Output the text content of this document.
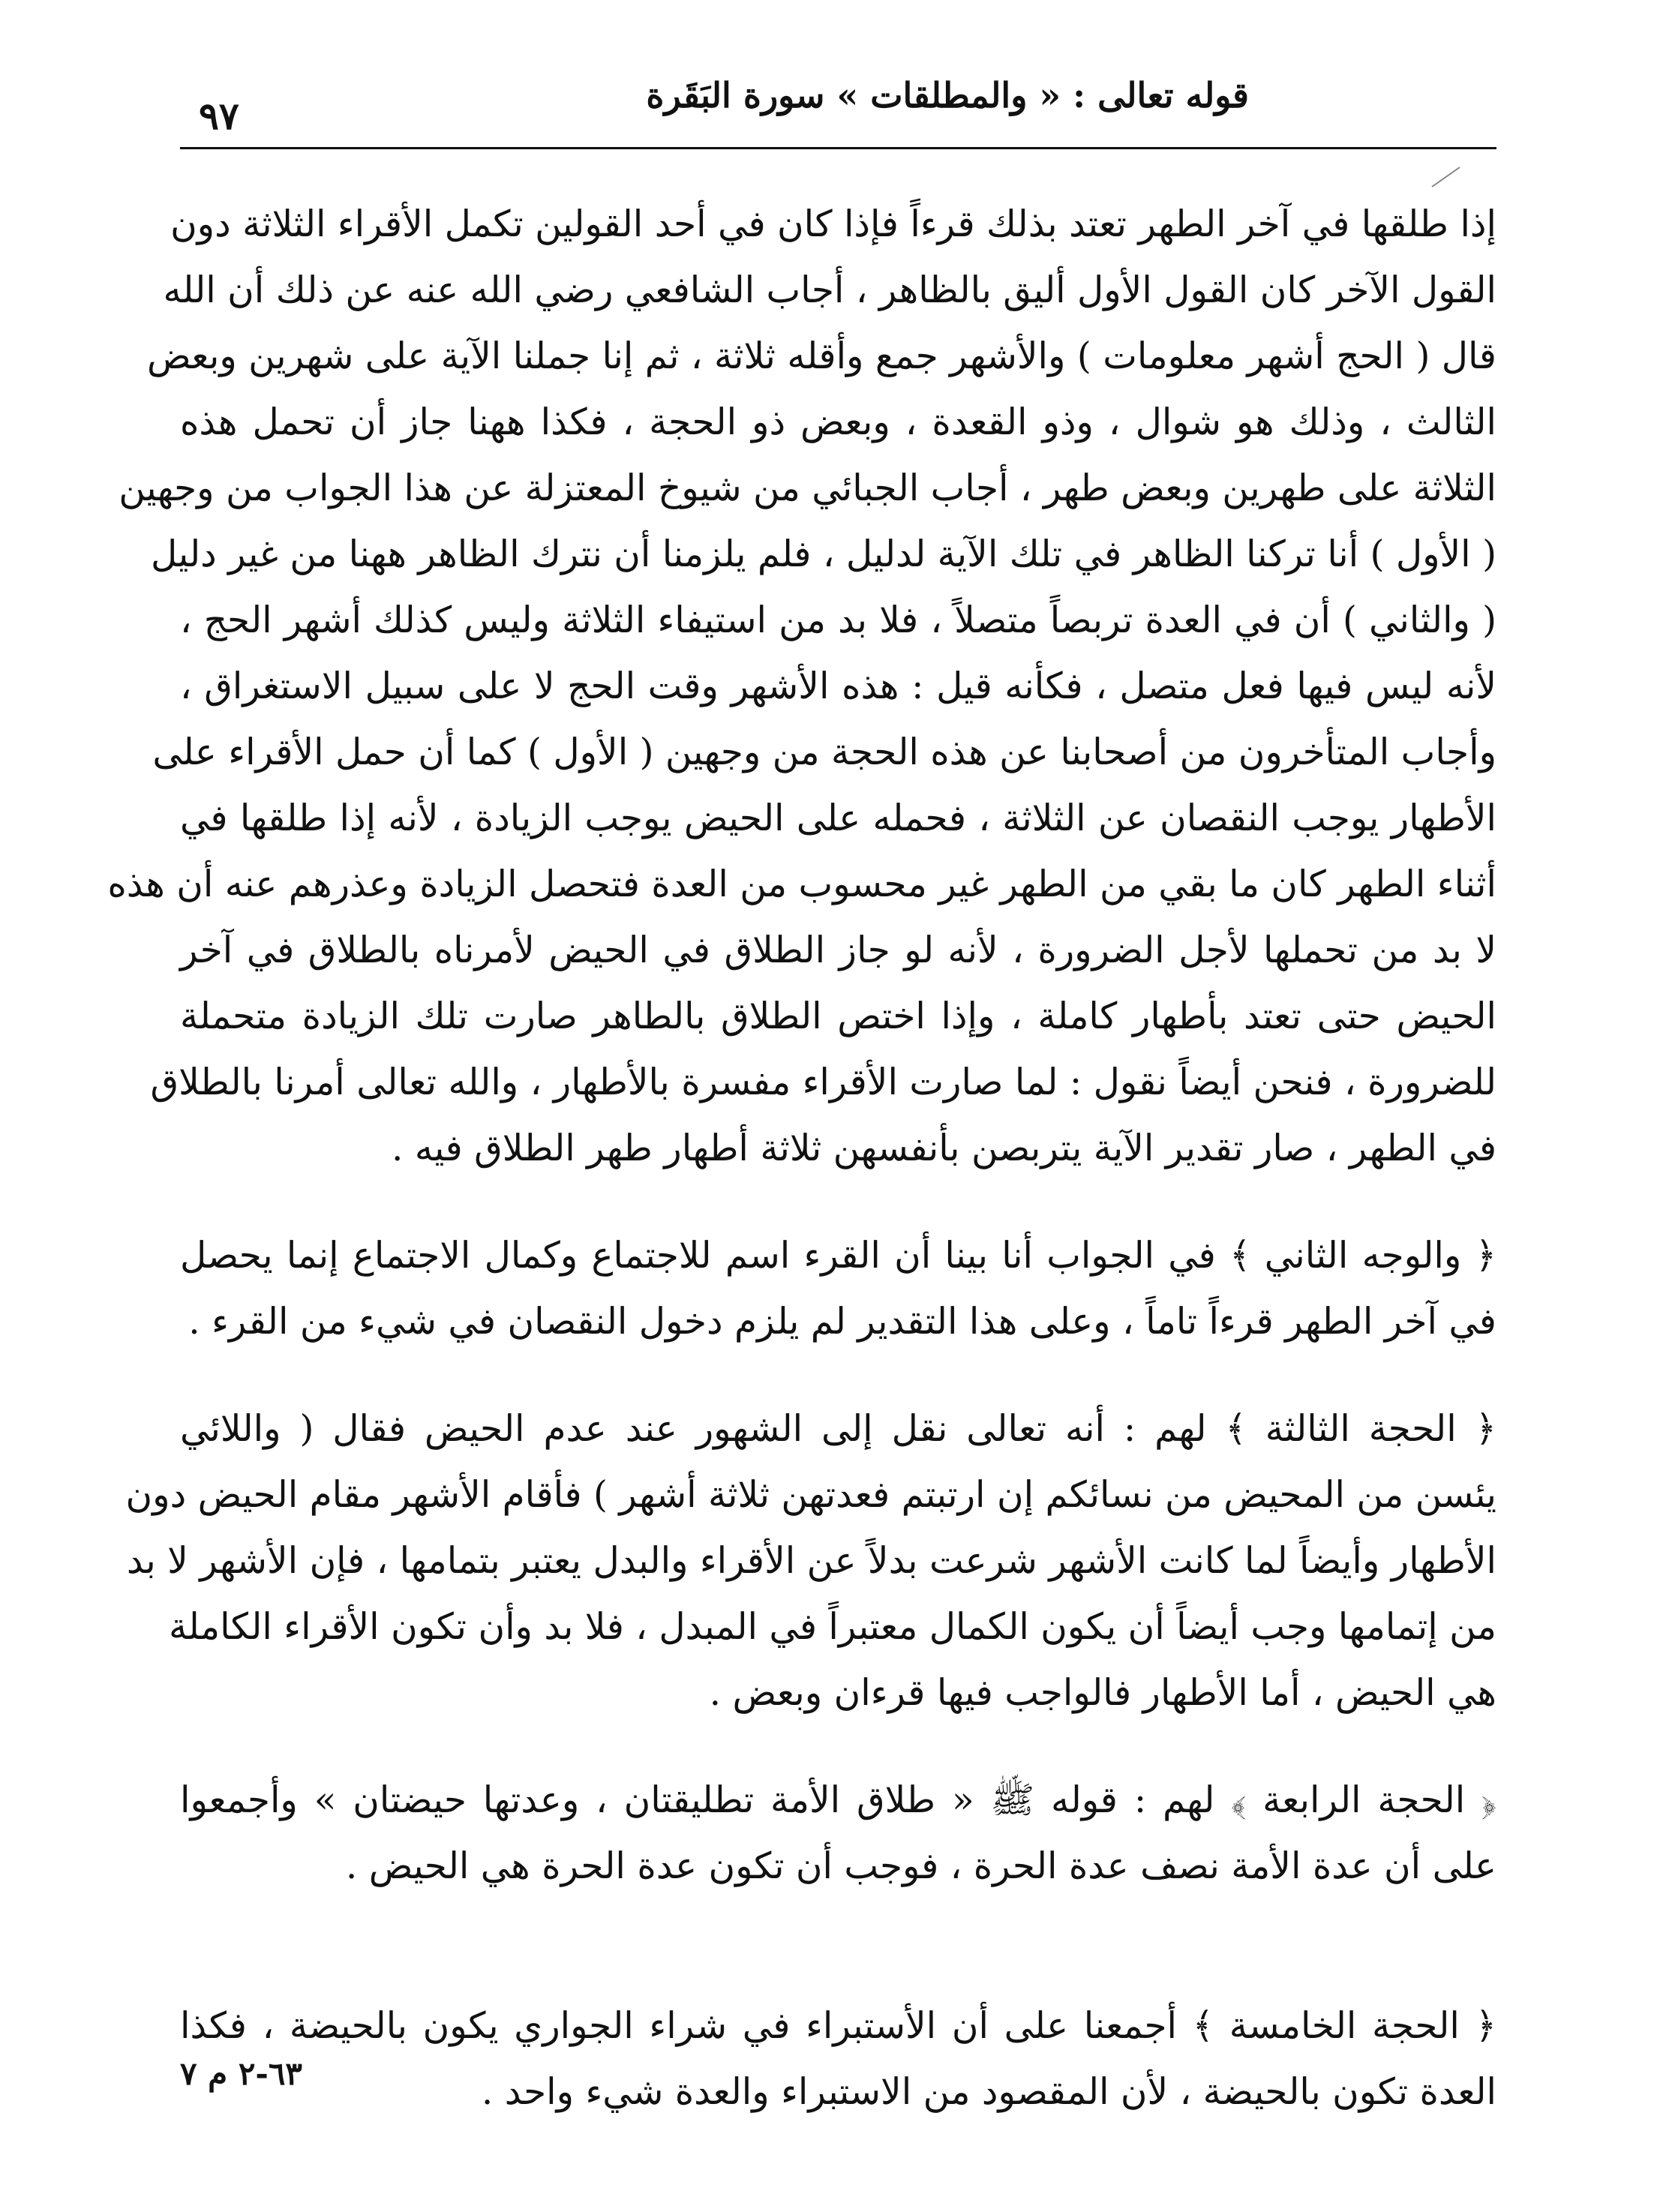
قوله تعالى : « والمطلقات » سورة البَقَرة
٩٧
إذا طلقها في آخر الطهر تعتد بذلك قرءاً فإذا كان في أحد القولين تكمل الأقراء الثلاثة دون
القول الآخر كان القول الأول أليق بالظاهر ، أجاب الشافعي رضي الله عنه عن ذلك أن الله
قال ( الحج أشهر معلومات ) والأشهر جمع وأقله ثلاثة ، ثم إنا جملنا الآية على شهرين وبعض
الثالث ، وذلك هو شوال ، وذو القعدة ، وبعض ذو الحجة ، فكذا ههنا جاز أن تحمل هذه
الثلاثة على طهرين وبعض طهر ، أجاب الجبائي من شيوخ المعتزلة عن هذا الجواب من وجهين
( الأول ) أنا تركنا الظاهر في تلك الآية لدليل ، فلم يلزمنا أن نترك الظاهر ههنا من غير دليل
( والثاني ) أن في العدة تربصاً متصلاً ، فلا بد من استيفاء الثلاثة وليس كذلك أشهر الحج ،
لأنه ليس فيها فعل متصل ، فكأنه قيل : هذه الأشهر وقت الحج لا على سبيل الاستغراق ،
وأجاب المتأخرون من أصحابنا عن هذه الحجة من وجهين ( الأول ) كما أن حمل الأقراء على
الأطهار يوجب النقصان عن الثلاثة ، فحمله على الحيض يوجب الزيادة ، لأنه إذا طلقها في
أثناء الطهر كان ما بقي من الطهر غير محسوب من العدة فتحصل الزيادة وعذرهم عنه أن هذه
لا بد من تحملها لأجل الضرورة ، لأنه لو جاز الطلاق في الحيض لأمرناه بالطلاق في آخر
الحيض حتى تعتد بأطهار كاملة ، وإذا اختص الطلاق بالطاهر صارت تلك الزيادة متحملة
للضرورة ، فنحن أيضاً نقول : لما صارت الأقراء مفسرة بالأطهار ، والله تعالى أمرنا بالطلاق
في الطهر ، صار تقدير الآية يتربصن بأنفسهن ثلاثة أطهار طهر الطلاق فيه .
﴿ والوجه الثاني ﴾ في الجواب أنا بينا أن القرء اسم للاجتماع وكمال الاجتماع إنما يحصل
في آخر الطهر قرءاً تاماً ، وعلى هذا التقدير لم يلزم دخول النقصان في شيء من القرء .
﴿ الحجة الثالثة ﴾ لهم : أنه تعالى نقل إلى الشهور عند عدم الحيض فقال ( واللائي
يئسن من المحيض من نسائكم إن ارتبتم فعدتهن ثلاثة أشهر ) فأقام الأشهر مقام الحيض دون
الأطهار وأيضاً لما كانت الأشهر شرعت بدلاً عن الأقراء والبدل يعتبر بتمامها ، فإن الأشهر لا بد
من إتمامها وجب أيضاً أن يكون الكمال معتبراً في المبدل ، فلا بد وأن تكون الأقراء الكاملة
هي الحيض ، أما الأطهار فالواجب فيها قرءان وبعض .
﴿ الحجة الرابعة ﴾ لهم : قوله ﷺ « طلاق الأمة تطليقتان ، وعدتها حيضتان » وأجمعوا
على أن عدة الأمة نصف عدة الحرة ، فوجب أن تكون عدة الحرة هي الحيض .
﴿ الحجة الخامسة ﴾ أجمعنا على أن الأستبراء في شراء الجواري يكون بالحيضة ، فكذا
العدة تكون بالحيضة ، لأن المقصود من الاستبراء والعدة شيء واحد .
٦٣-٢ م ٧
